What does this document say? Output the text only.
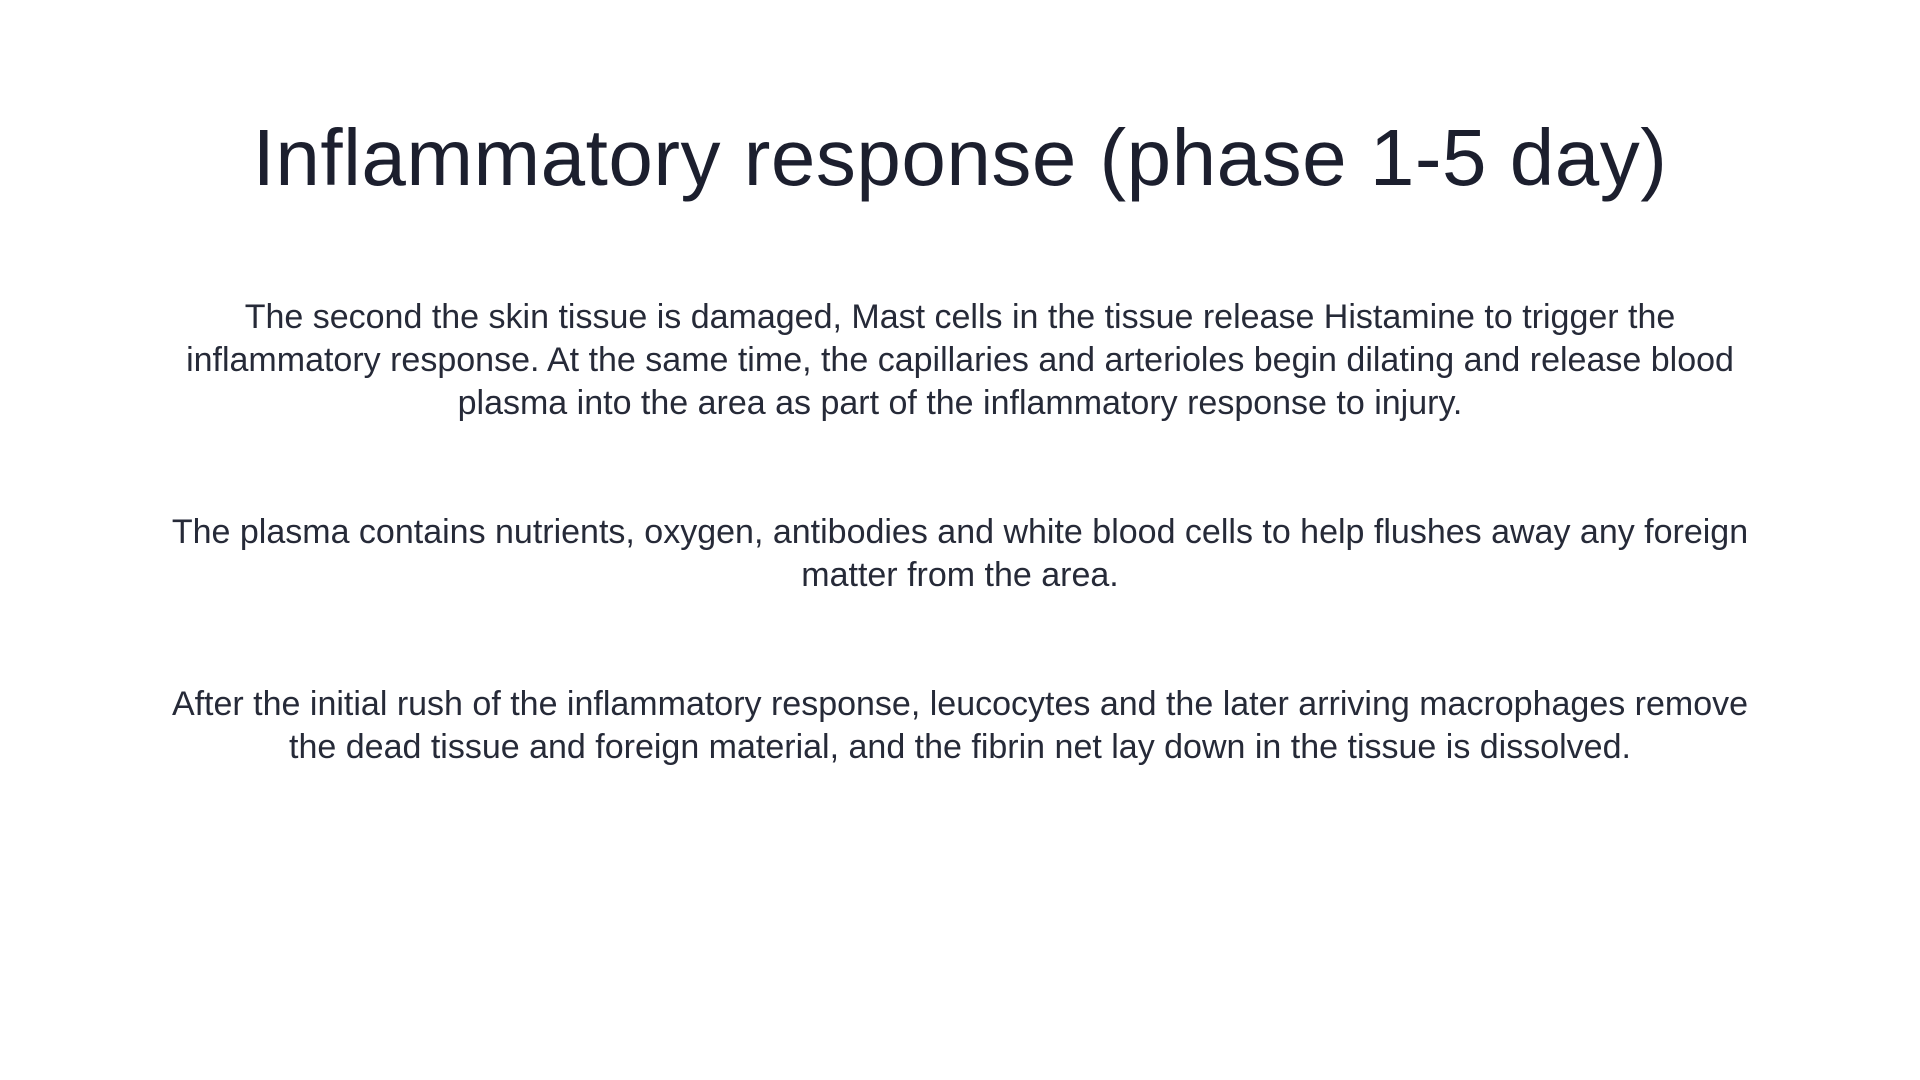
Inflammatory response (phase 1-5 day)

The second the skin tissue is damaged, Mast cells in the tissue release Histamine to trigger the inflammatory response. At the same time, the capillaries and arterioles begin dilating and release blood plasma into the area as part of the inflammatory response to injury.

The plasma contains nutrients, oxygen, antibodies and white blood cells to help flushes away any foreign matter from the area.

After the initial rush of the inflammatory response, leucocytes and the later arriving macrophages remove the dead tissue and foreign material, and the fibrin net lay down in the tissue is dissolved.
